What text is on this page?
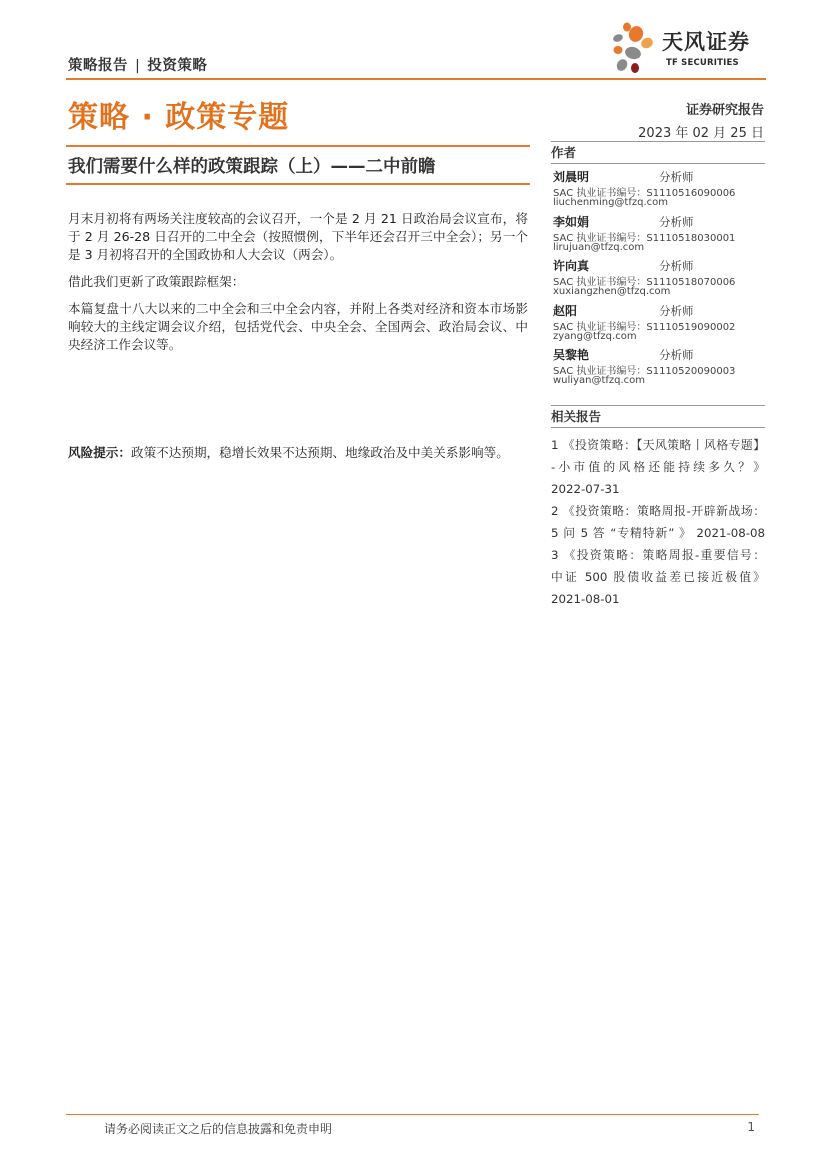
策略报告 | 投资策略
天风证券
TF SECURITIES
策略 · 政策专题	证券研究报告
2023 年 02 月 25 日
我们需要什么样的政策跟踪（上）——二中前瞻

月末月初将有两场关注度较高的会议召开，一个是 2 月 21 日政治局会议宣布，将于 2 月 26-28 日召开的二中全会（按照惯例，下半年还会召开三中全会）；另一个是 3 月初将召开的全国政协和人大会议（两会）。

借此我们更新了政策跟踪框架：

本篇复盘十八大以来的二中全会和三中全会内容，并附上各类对经济和资本市场影响较大的主线定调会议介绍，包括党代会、中央全会、全国两会、政治局会议、中央经济工作会议等。

风险提示：政策不达预期，稳增长效果不达预期、地缘政治及中美关系影响等。
作者
刘晨明	分析师
SAC 执业证书编号：S1110516090006
liuchenming@tfzq.com
李如娟	分析师
SAC 执业证书编号：S1110518030001
lirujuan@tfzq.com
许向真	分析师
SAC 执业证书编号：S1110518070006
xuxiangzhen@tfzq.com
赵阳	分析师
SAC 执业证书编号：S1110519090002
zyang@tfzq.com
吴黎艳	分析师
SAC 执业证书编号：S1110520090003
wuliyan@tfzq.com
相关报告
1 《投资策略：【天风策略丨风格专题】
-小市值的风格还能持续多久？》
2022-07-31
2 《投资策略：策略周报-开辟新战场：
5 问 5 答 “专精特新” 》 2021-08-08
3 《投资策略：策略周报-重要信号：
中证 500 股债收益差已接近极值》
2021-08-01
请务必阅读正文之后的信息披露和免责申明	1
